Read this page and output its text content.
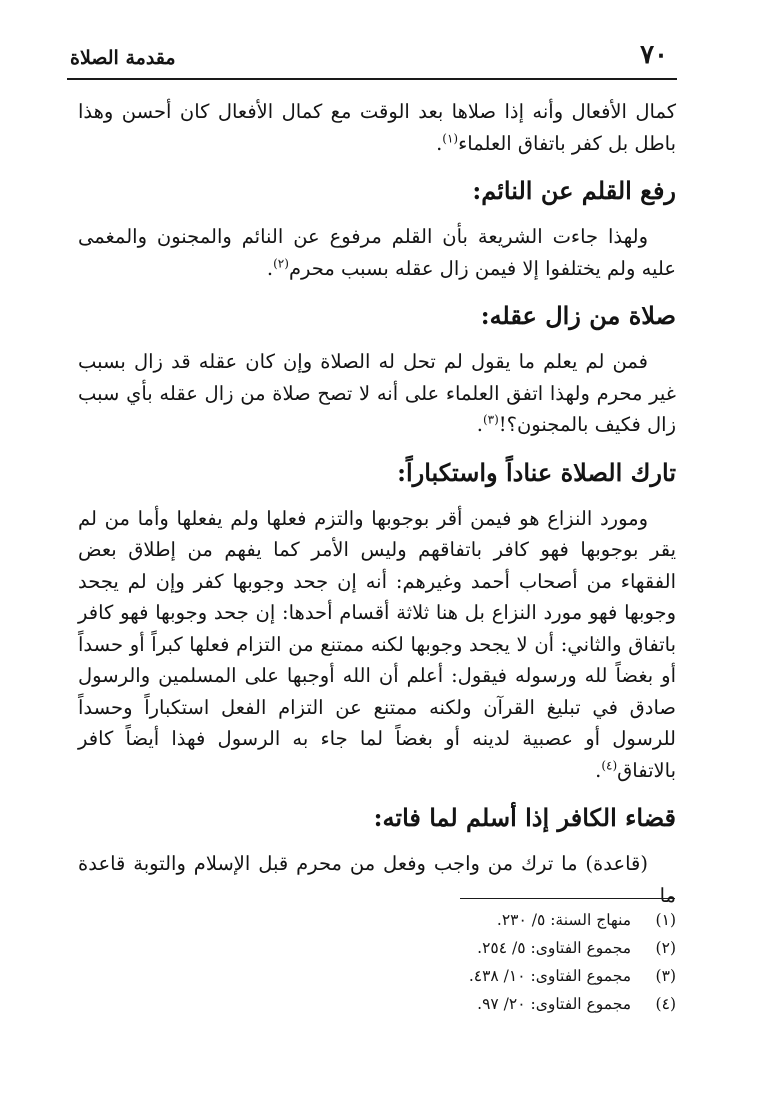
٧٠
مقدمة الصلاة

كمال الأفعال وأنه إذا صلاها بعد الوقت مع كمال الأفعال كان أحسن وهذا باطل بل كفر باتفاق العلماء$^{(١)}$.

رفع القلم عن النائم:

ولهذا جاءت الشريعة بأن القلم مرفوع عن النائم والمجنون والمغمى عليه ولم يختلفوا إلا فيمن زال عقله بسبب محرم$^{(٢)}$.

صلاة من زال عقله:

فمن لم يعلم ما يقول لم تحل له الصلاة وإن كان عقله قد زال بسبب غير محرم ولهذا اتفق العلماء على أنه لا تصح صلاة من زال عقله بأي سبب زال فكيف بالمجنون؟!$^{(٣)}$.

تارك الصلاة عناداً واستكباراً:

ومورد النزاع هو فيمن أقر بوجوبها والتزم فعلها ولم يفعلها وأما من لم يقر بوجوبها فهو كافر باتفاقهم وليس الأمر كما يفهم من إطلاق بعض الفقهاء من أصحاب أحمد وغيرهم: أنه إن جحد وجوبها كفر وإن لم يجحد وجوبها فهو مورد النزاع بل هنا ثلاثة أقسام أحدها: إن جحد وجوبها فهو كافر باتفاق والثاني: أن لا يجحد وجوبها لكنه ممتنع من التزام فعلها كبراً أو حسداً أو بغضاً لله ورسوله فيقول: أعلم أن الله أوجبها على المسلمين والرسول صادق في تبليغ القرآن ولكنه ممتنع عن التزام الفعل استكباراً وحسداً للرسول أو عصبية لدينه أو بغضاً لما جاء به الرسول فهذا أيضاً كافر بالاتفاق$^{(٤)}$.

قضاء الكافر إذا أسلم لما فاته:

(قاعدة) ما ترك من واجب وفعل من محرم قبل الإسلام والتوبة قاعدة ما

(١) منهاج السنة: ٥/ ٢٣٠.
(٢) مجموع الفتاوى: ٥/ ٢٥٤.
(٣) مجموع الفتاوى: ١٠/ ٤٣٨.
(٤) مجموع الفتاوى: ٢٠/ ٩٧.
